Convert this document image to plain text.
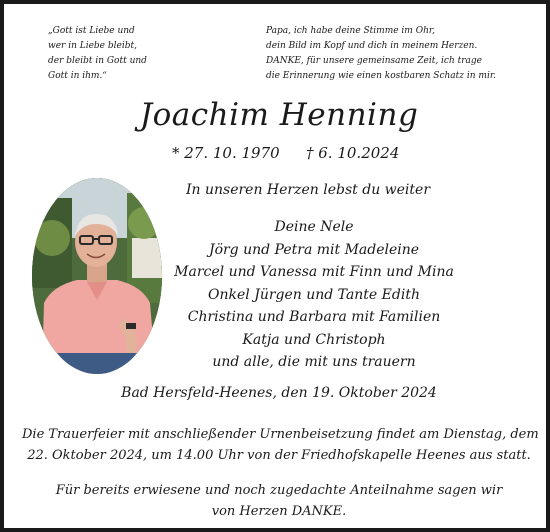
„Gott ist Liebe und
wer in Liebe bleibt,
der bleibt in Gott und
Gott in ihm.“
Papa, ich habe deine Stimme im Ohr,
dein Bild im Kopf und dich in meinem Herzen.
DANKE, für unsere gemeinsame Zeit, ich trage
die Erinnerung wie einen kostbaren Schatz in mir.
Joachim Henning
* 27. 10. 1970 † 6. 10.2024
In unseren Herzen lebst du weiter
Deine Nele
Jörg und Petra mit Madeleine
Marcel und Vanessa mit Finn und Mina
Onkel Jürgen und Tante Edith
Christina und Barbara mit Familien
Katja und Christoph
und alle, die mit uns trauern
Bad Hersfeld-Heenes, den 19. Oktober 2024
Die Trauerfeier mit anschließender Urnenbeisetzung findet am Dienstag, dem
22. Oktober 2024, um 14.00 Uhr von der Friedhofskapelle Heenes aus statt.
Für bereits erwiesene und noch zugedachte Anteilnahme sagen wir
von Herzen DANKE.
